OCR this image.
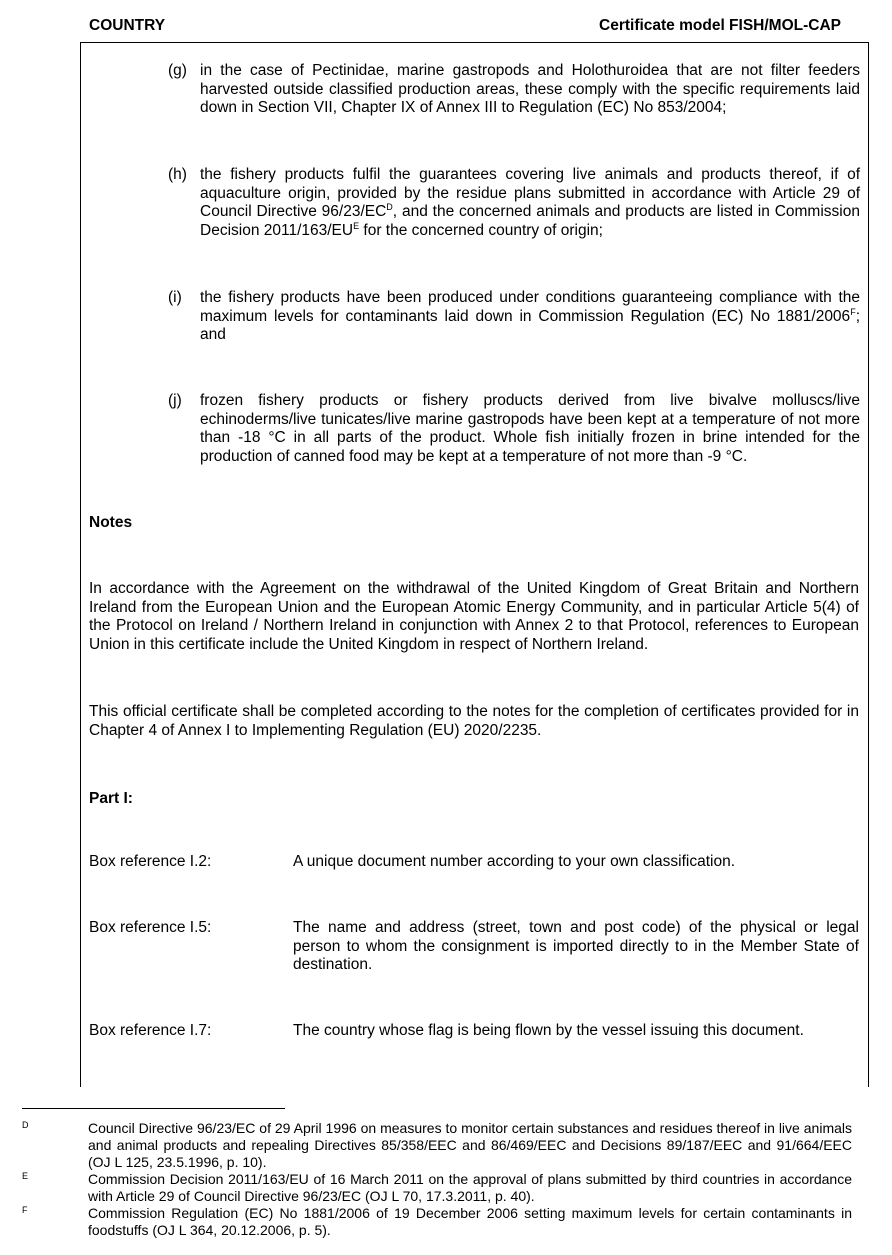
COUNTRY	Certificate model FISH/MOL-CAP
(g) in the case of Pectinidae, marine gastropods and Holothuroidea that are not filter feeders harvested outside classified production areas, these comply with the specific requirements laid down in Section VII, Chapter IX of Annex III to Regulation (EC) No 853/2004;
(h) the fishery products fulfil the guarantees covering live animals and products thereof, if of aquaculture origin, provided by the residue plans submitted in accordance with Article 29 of Council Directive $96/23/EC^D$, and the concerned animals and products are listed in Commission Decision $2011/163/EU^E$ for the concerned country of origin;
(i) the fishery products have been produced under conditions guaranteeing compliance with the maximum levels for contaminants laid down in Commission Regulation (EC) No $1881/2006^F$; and
(j) frozen fishery products or fishery products derived from live bivalve molluscs/live echinoderms/live tunicates/live marine gastropods have been kept at a temperature of not more than -18 °C in all parts of the product. Whole fish initially frozen in brine intended for the production of canned food may be kept at a temperature of not more than -9 °C.
Notes
In accordance with the Agreement on the withdrawal of the United Kingdom of Great Britain and Northern Ireland from the European Union and the European Atomic Energy Community, and in particular Article 5(4) of the Protocol on Ireland / Northern Ireland in conjunction with Annex 2 to that Protocol, references to European Union in this certificate include the United Kingdom in respect of Northern Ireland.
This official certificate shall be completed according to the notes for the completion of certificates provided for in Chapter 4 of Annex I to Implementing Regulation (EU) 2020/2235.
Part I:
Box reference I.2:	A unique document number according to your own classification.
Box reference I.5:	The name and address (street, town and post code) of the physical or legal person to whom the consignment is imported directly to in the Member State of destination.
Box reference I.7:	The country whose flag is being flown by the vessel issuing this document.
D	Council Directive 96/23/EC of 29 April 1996 on measures to monitor certain substances and residues thereof in live animals and animal products and repealing Directives 85/358/EEC and 86/469/EEC and Decisions 89/187/EEC and 91/664/EEC (OJ L 125, 23.5.1996, p. 10).
E	Commission Decision 2011/163/EU of 16 March 2011 on the approval of plans submitted by third countries in accordance with Article 29 of Council Directive 96/23/EC (OJ L 70, 17.3.2011, p. 40).
F	Commission Regulation (EC) No 1881/2006 of 19 December 2006 setting maximum levels for certain contaminants in foodstuffs (OJ L 364, 20.12.2006, p. 5).
